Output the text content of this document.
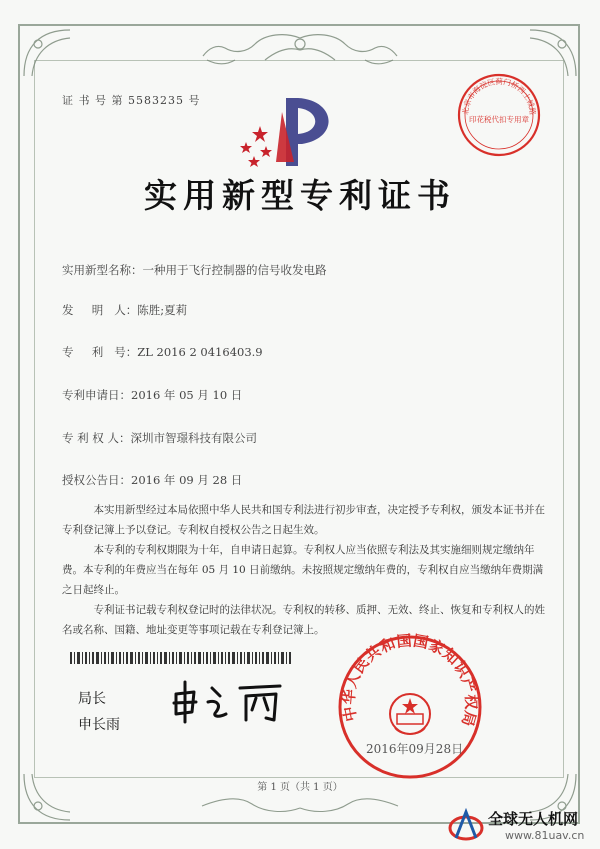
证 书 号 第 5583235 号
北京市海淀区蓟门桥西土城路
印花税代扣专用章
实用新型专利证书
实用新型名称：一种用于飞行控制器的信号收发电路
发     明   人：陈胜;夏莉
专     利   号：ZL 2016 2 0416403.9
专利申请日：2016 年 05 月 10 日
专 利 权 人：深圳市智璟科技有限公司
授权公告日：2016 年 09 月 28 日
本实用新型经过本局依照中华人民共和国专利法进行初步审查，决定授予专利权，颁发本证书并在专利登记簿上予以登记。专利权自授权公告之日起生效。
本专利的专利权期限为十年，自申请日起算。专利权人应当依照专利法及其实施细则规定缴纳年费。本专利的年费应当在每年 05 月 10 日前缴纳。未按照规定缴纳年费的，专利权自应当缴纳年费期满之日起终止。
专利证书记载专利权登记时的法律状况。专利权的转移、质押、无效、终止、恢复和专利权人的姓名或名称、国籍、地址变更等事项记载在专利登记簿上。
局长
申长雨
中华人民共和国国家知识产权局
2016年09月28日
第 1 页（共 1 页）
全球无人机网
www.81uav.cn
